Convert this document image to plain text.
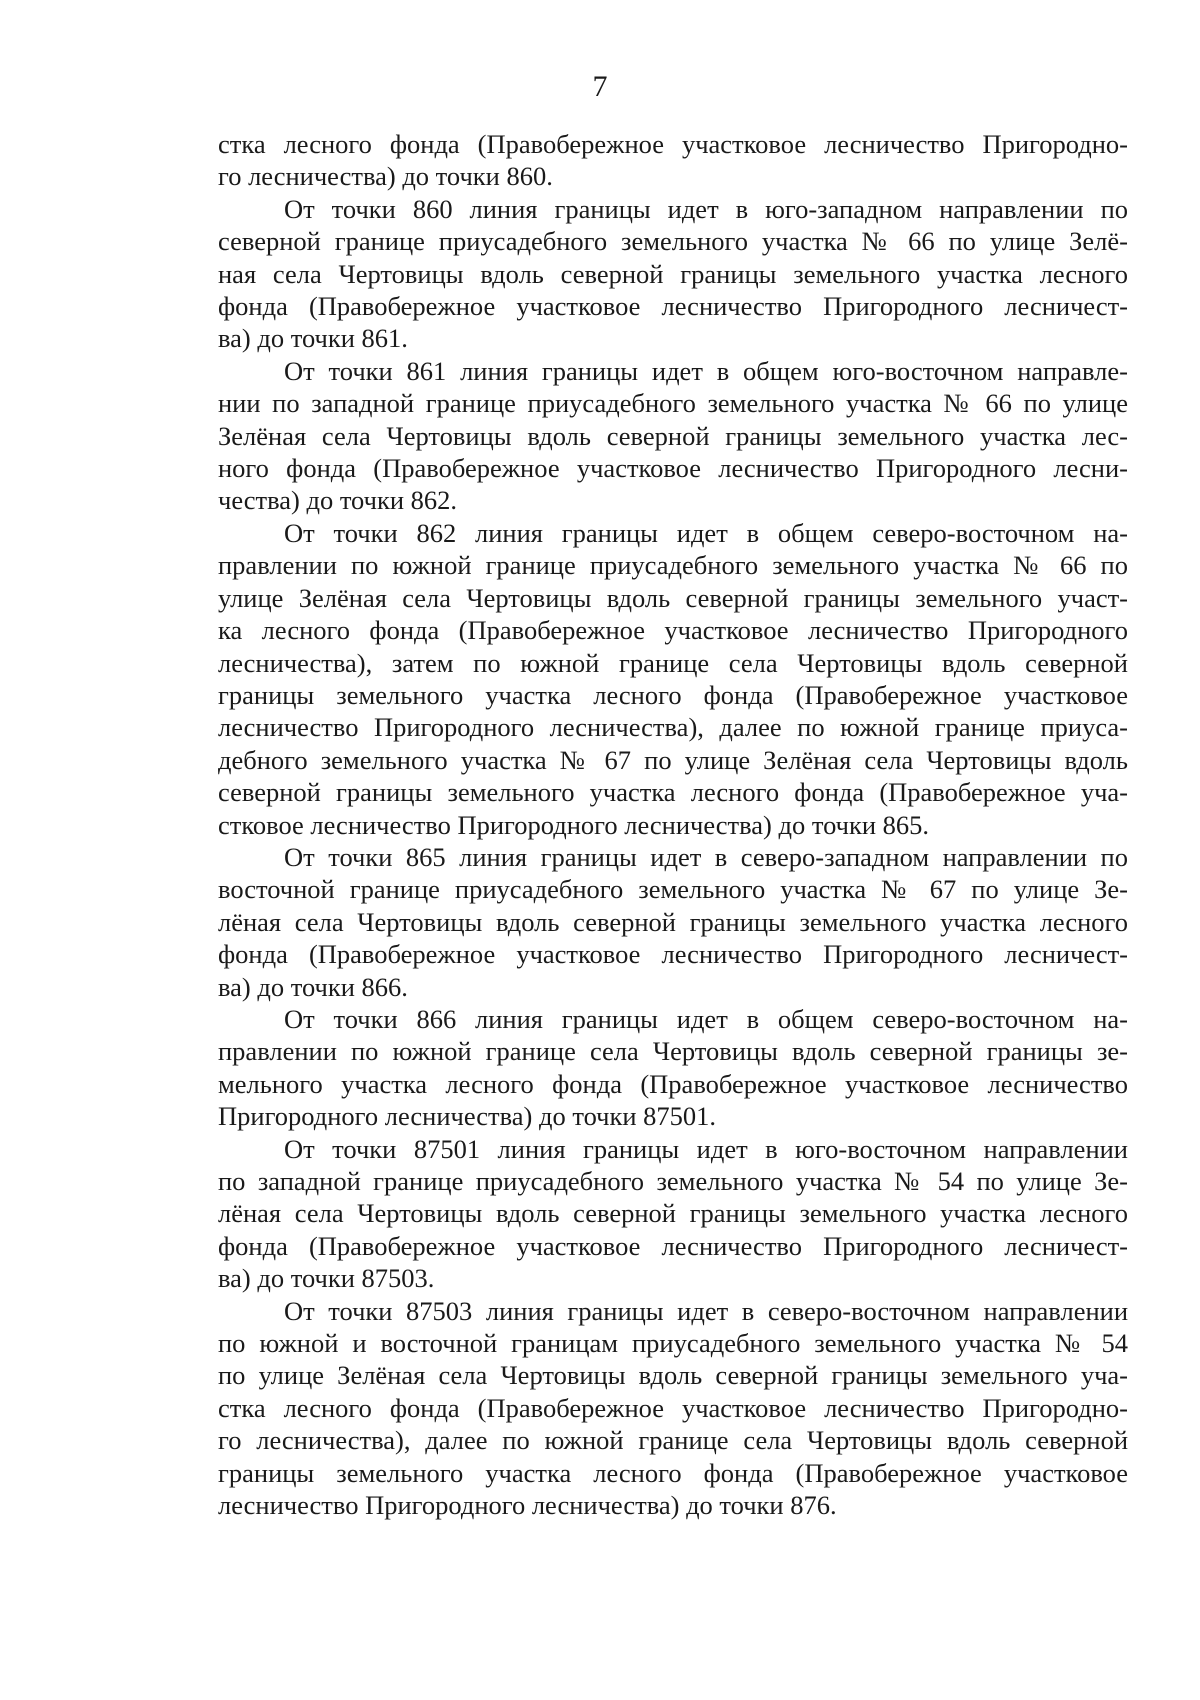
7
стка лесного фонда (Правобережное участковое лесничество Пригородно-
го лесничества) до точки 860.
От точки 860 линия границы идет в юго-западном направлении по
северной границе приусадебного земельного участка № 66 по улице Зелё-
ная села Чертовицы вдоль северной границы земельного участка лесного
фонда (Правобережное участковое лесничество Пригородного лесничест-
ва) до точки 861.
От точки 861 линия границы идет в общем юго-восточном направле-
нии по западной границе приусадебного земельного участка № 66 по улице
Зелёная села Чертовицы вдоль северной границы земельного участка лес-
ного фонда (Правобережное участковое лесничество Пригородного лесни-
чества) до точки 862.
От точки 862 линия границы идет в общем северо-восточном на-
правлении по южной границе приусадебного земельного участка № 66 по
улице Зелёная села Чертовицы вдоль северной границы земельного участ-
ка лесного фонда (Правобережное участковое лесничество Пригородного
лесничества), затем по южной границе села Чертовицы вдоль северной
границы земельного участка лесного фонда (Правобережное участковое
лесничество Пригородного лесничества), далее по южной границе приуса-
дебного земельного участка № 67 по улице Зелёная села Чертовицы вдоль
северной границы земельного участка лесного фонда (Правобережное уча-
стковое лесничество Пригородного лесничества) до точки 865.
От точки 865 линия границы идет в северо-западном направлении по
восточной границе приусадебного земельного участка № 67 по улице Зе-
лёная села Чертовицы вдоль северной границы земельного участка лесного
фонда (Правобережное участковое лесничество Пригородного лесничест-
ва) до точки 866.
От точки 866 линия границы идет в общем северо-восточном на-
правлении по южной границе села Чертовицы вдоль северной границы зе-
мельного участка лесного фонда (Правобережное участковое лесничество
Пригородного лесничества) до точки 87501.
От точки 87501 линия границы идет в юго-восточном направлении
по западной границе приусадебного земельного участка № 54 по улице Зе-
лёная села Чертовицы вдоль северной границы земельного участка лесного
фонда (Правобережное участковое лесничество Пригородного лесничест-
ва) до точки 87503.
От точки 87503 линия границы идет в северо-восточном направлении
по южной и восточной границам приусадебного земельного участка № 54
по улице Зелёная села Чертовицы вдоль северной границы земельного уча-
стка лесного фонда (Правобережное участковое лесничество Пригородно-
го лесничества), далее по южной границе села Чертовицы вдоль северной
границы земельного участка лесного фонда (Правобережное участковое
лесничество Пригородного лесничества) до точки 876.
